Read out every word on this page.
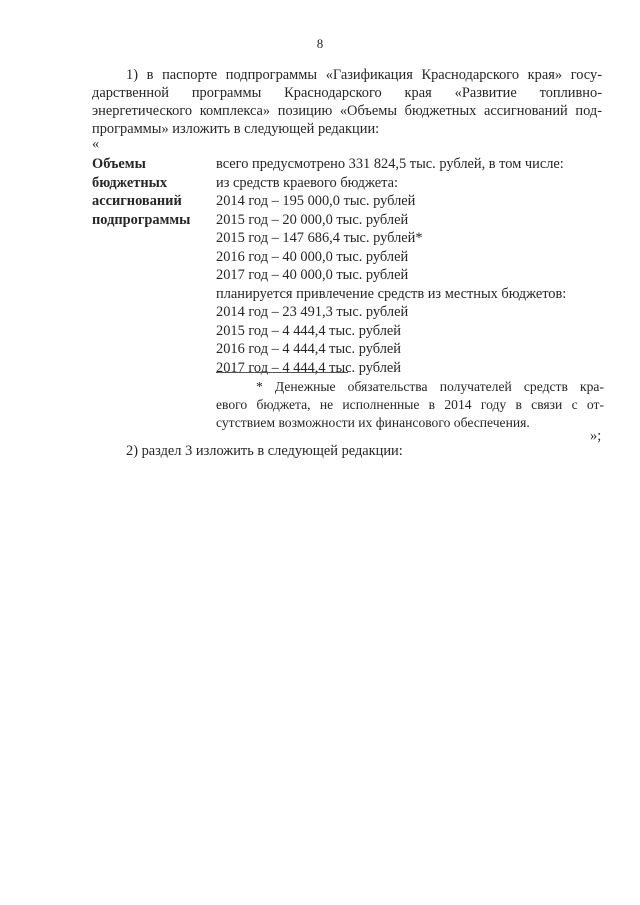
8
1) в паспорте подпрограммы «Газификация Краснодарского края» госу-
дарственной программы Краснодарского края «Развитие топливно-
энергетического комплекса» позицию «Объемы бюджетных ассигнований под-
программы» изложить в следующей редакции:
«
Объемы
бюджетных
ассигнований
подпрограммы
всего предусмотрено 331 824,5 тыс. рублей, в том числе:
из средств краевого бюджета:
2014 год – 195 000,0 тыс. рублей
2015 год – 20 000,0 тыс. рублей
2015 год – 147 686,4 тыс. рублей*
2016 год – 40 000,0 тыс. рублей
2017 год – 40 000,0 тыс. рублей
планируется привлечение средств из местных бюджетов:
2014 год – 23 491,3 тыс. рублей
2015 год – 4 444,4 тыс. рублей
2016 год – 4 444,4 тыс. рублей
2017 год – 4 444,4 тыс. рублей
* Денежные обязательства получателей средств кра-
евого бюджета, не исполненные в 2014 году в связи с от-
сутствием возможности их финансового обеспечения.
»;
2) раздел 3 изложить в следующей редакции:
